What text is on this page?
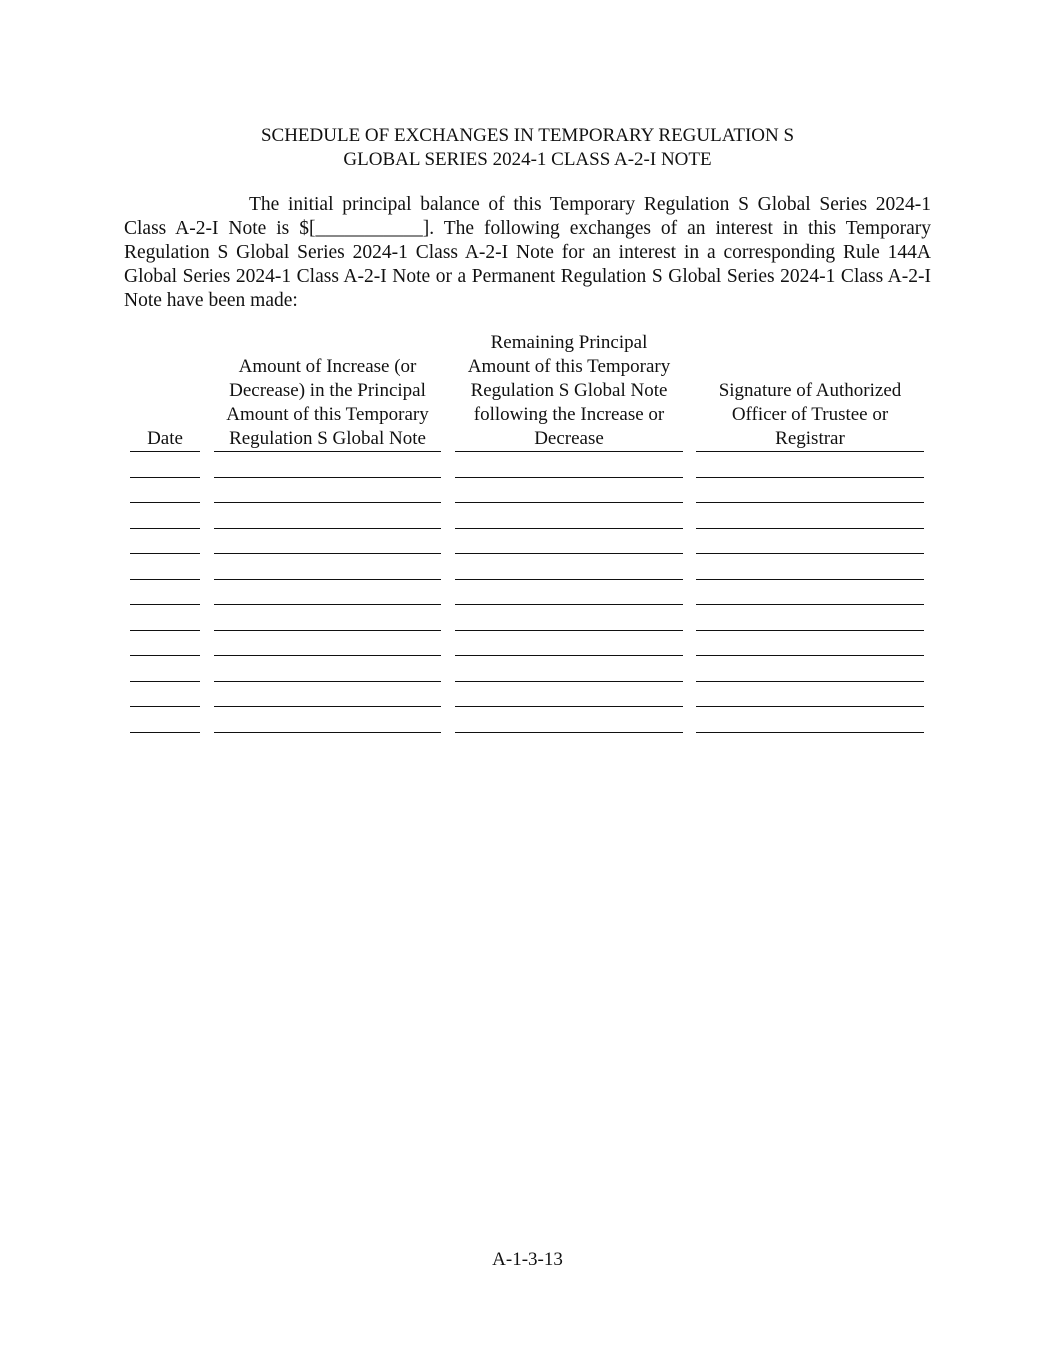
SCHEDULE OF EXCHANGES IN TEMPORARY REGULATION S
GLOBAL SERIES 2024-1 CLASS A-2-I NOTE

The initial principal balance of this Temporary Regulation S Global Series 2024-1 Class A-2-I Note is $[___________]. The following exchanges of an interest in this Temporary Regulation S Global Series 2024-1 Class A-2-I Note for an interest in a corresponding Rule 144A Global Series 2024-1 Class A-2-I Note or a Permanent Regulation S Global Series 2024-1 Class A-2-I Note have been made:

Date
Amount of Increase (or
Decrease) in the Principal
Amount of this Temporary
Regulation S Global Note
Remaining Principal
Amount of this Temporary
Regulation S Global Note
following the Increase or
Decrease
Signature of Authorized
Officer of Trustee or
Registrar
A-1-3-13
